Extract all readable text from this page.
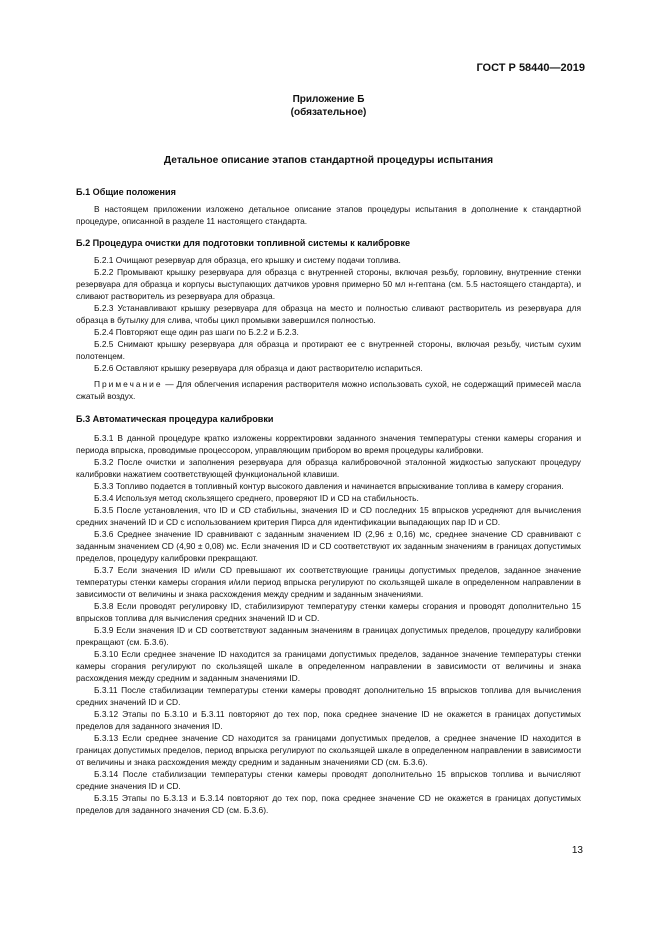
ГОСТ Р 58440—2019
Приложение Б
(обязательное)
Детальное описание этапов стандартной процедуры испытания

Б.1 Общие положения

В настоящем приложении изложено детальное описание этапов процедуры испытания в дополнение к стандартной процедуре, описанной в разделе 11 настоящего стандарта.

Б.2 Процедура очистки для подготовки топливной системы к калибровке

Б.2.1 Очищают резервуар для образца, его крышку и систему подачи топлива.

Б.2.2 Промывают крышку резервуара для образца с внутренней стороны, включая резьбу, горловину, внутренние стенки резервуара для образца и корпусы выступающих датчиков уровня примерно 50 мл н-гептана (см. 5.5 настоящего стандарта), и сливают растворитель из резервуара для образца.

Б.2.3 Устанавливают крышку резервуара для образца на место и полностью сливают растворитель из резервуара для образца в бутылку для слива, чтобы цикл промывки завершился полностью.

Б.2.4 Повторяют еще один раз шаги по Б.2.2 и Б.2.3.

Б.2.5 Снимают крышку резервуара для образца и протирают ее с внутренней стороны, включая резьбу, чистым сухим полотенцем.

Б.2.6 Оставляют крышку резервуара для образца и дают растворителю испариться.

Примечание — Для облегчения испарения растворителя можно использовать сухой, не содержащий примесей масла сжатый воздух.

Б.3 Автоматическая процедура калибровки

Б.3.1 В данной процедуре кратко изложены корректировки заданного значения температуры стенки камеры сгорания и периода впрыска, проводимые процессором, управляющим прибором во время процедуры калибровки.

Б.3.2 После очистки и заполнения резервуара для образца калибровочной эталонной жидкостью запускают процедуру калибровки нажатием соответствующей функциональной клавиши.

Б.3.3 Топливо подается в топливный контур высокого давления и начинается впрыскивание топлива в камеру сгорания.

Б.3.4 Используя метод скользящего среднего, проверяют ID и CD на стабильность.

Б.3.5 После установления, что ID и CD стабильны, значения ID и CD последних 15 впрысков усредняют для вычисления средних значений ID и CD с использованием критерия Пирса для идентификации выпадающих пар ID и CD.

Б.3.6 Среднее значение ID сравнивают с заданным значением ID (2,96 ± 0,16) мс, среднее значение CD сравнивают с заданным значением CD (4,90 ± 0,08) мс. Если значения ID и CD соответствуют их заданным значениям в границах допустимых пределов, процедуру калибровки прекращают.

Б.3.7 Если значения ID и/или CD превышают их соответствующие границы допустимых пределов, заданное значение температуры стенки камеры сгорания и/или период впрыска регулируют по скользящей шкале в определенном направлении в зависимости от величины и знака расхождения между средним и заданным значениями.

Б.3.8 Если проводят регулировку ID, стабилизируют температуру стенки камеры сгорания и проводят дополнительно 15 впрысков топлива для вычисления средних значений ID и CD.

Б.3.9 Если значения ID и CD соответствуют заданным значениям в границах допустимых пределов, процедуру калибровки прекращают (см. Б.3.6).

Б.3.10 Если среднее значение ID находится за границами допустимых пределов, заданное значение температуры стенки камеры сгорания регулируют по скользящей шкале в определенном направлении в зависимости от величины и знака расхождения между средним и заданным значениями ID.

Б.3.11 После стабилизации температуры стенки камеры проводят дополнительно 15 впрысков топлива для вычисления средних значений ID и CD.

Б.3.12 Этапы по Б.3.10 и Б.3.11 повторяют до тех пор, пока среднее значение ID не окажется в границах допустимых пределов для заданного значения ID.

Б.3.13 Если среднее значение CD находится за границами допустимых пределов, а среднее значение ID находится в границах допустимых пределов, период впрыска регулируют по скользящей шкале в определенном направлении в зависимости от величины и знака расхождения между средним и заданным значениями CD (см. Б.3.6).

Б.3.14 После стабилизации температуры стенки камеры проводят дополнительно 15 впрысков топлива и вычисляют средние значения ID и CD.

Б.3.15 Этапы по Б.3.13 и Б.3.14 повторяют до тех пор, пока среднее значение CD не окажется в границах допустимых пределов для заданного значения CD (см. Б.3.6).

13
